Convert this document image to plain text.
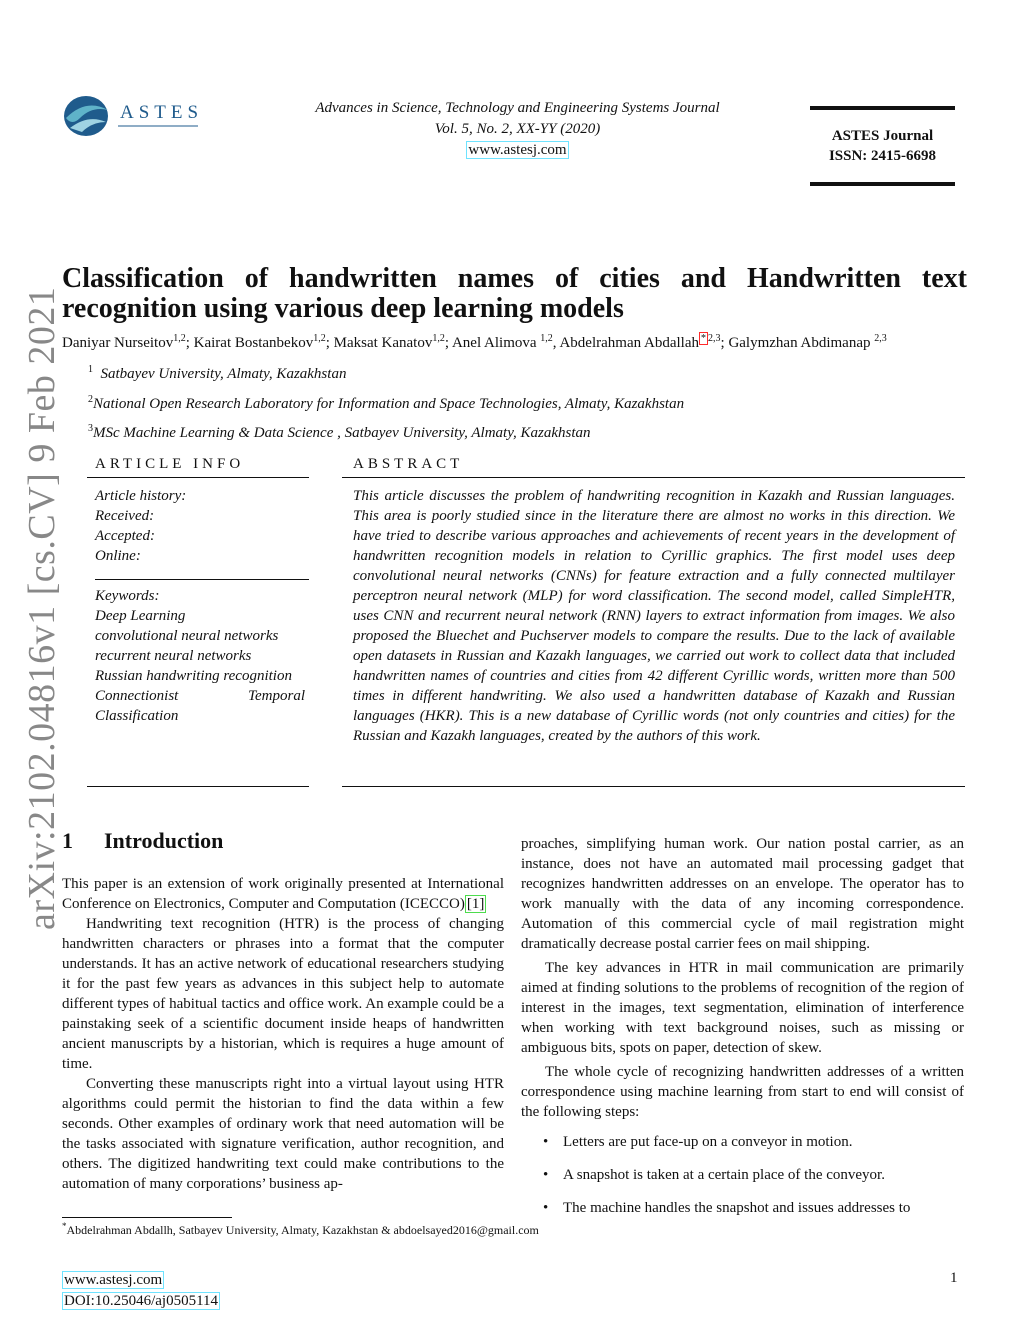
ASTES	Advances in Science, Technology and Engineering Systems Journal
Vol. 5, No. 2, XX-YY (2020)
www.astesj.com
ASTES Journal
ISSN: 2415-6698
arXiv:2102.04816v1 [cs.CV] 9 Feb 2021
Classification of handwritten names of cities and Handwritten text recognition using various deep learning models
Daniyar Nurseitov$^{1,2}$; Kairat Bostanbekov$^{1,2}$; Maksat Kanatov$^{1,2}$; Anel Alimova $^{1,2}$, Abdelrahman Abdallah $^{* 2,3}$; Galymzhan Abdimanap $^{2,3}$
$^1$ Satbayev University, Almaty, Kazakhstan
$^2$National Open Research Laboratory for Information and Space Technologies, Almaty, Kazakhstan
$^3$MSc Machine Learning & Data Science , Satbayev University, Almaty, Kazakhstan
ARTICLE INFO	ABSTRACT
Article history:
Received:
Accepted:
Online:
Keywords:
Deep Learning
convolutional neural networks
recurrent neural networks
Russian handwriting recognition
Connectionist Temporal Classification
This article discusses the problem of handwriting recognition in Kazakh and Russian languages. This area is poorly studied since in the literature there are almost no works in this direction. We have tried to describe various approaches and achievements of recent years in the development of handwritten recognition models in relation to Cyrillic graphics. The first model uses deep convolutional neural networks (CNNs) for feature extraction and a fully connected multilayer perceptron neural network (MLP) for word classification. The second model, called SimpleHTR, uses CNN and recurrent neural network (RNN) layers to extract information from images. We also proposed the Bluechet and Puchserver models to compare the results. Due to the lack of available open datasets in Russian and Kazakh languages, we carried out work to collect data that included handwritten names of countries and cities from 42 different Cyrillic words, written more than 500 times in different handwriting. We also used a handwritten database of Kazakh and Russian languages (HKR). This is a new database of Cyrillic words (not only countries and cities) for the Russian and Kazakh languages, created by the authors of this work.
1 Introduction

This paper is an extension of work originally presented at International Conference on Electronics, Computer and Computation (ICECCO) [1]

Handwriting text recognition (HTR) is the process of changing handwritten characters or phrases into a format that the computer understands. It has an active network of educational researchers studying it for the past few years as advances in this subject help to automate different types of habitual tactics and office work. An example could be a painstaking seek of a scientific document inside heaps of handwritten ancient manuscripts by a historian, which is requires a huge amount of time.

Converting these manuscripts right into a virtual layout using HTR algorithms could permit the historian to find the data within a few seconds. Other examples of ordinary work that need automation will be the tasks associated with signature verification, author recognition, and others. The digitized handwriting text could make contributions to the automation of many corporations’ business ap-

proaches, simplifying human work. Our nation postal carrier, as an instance, does not have an automated mail processing gadget that recognizes handwritten addresses on an envelope. The operator has to work manually with the data of any incoming correspondence. Automation of this commercial cycle of mail registration might dramatically decrease postal carrier fees on mail shipping.

The key advances in HTR in mail communication are primarily aimed at finding solutions to the problems of recognition of the region of interest in the images, text segmentation, elimination of interference when working with text background noises, such as missing or ambiguous bits, spots on paper, detection of skew.

The whole cycle of recognizing handwritten addresses of a written correspondence using machine learning from start to end will consist of the following steps:

• Letters are put face-up on a conveyor in motion.
• A snapshot is taken at a certain place of the conveyor.
• The machine handles the snapshot and issues addresses to
*Abdelrahman Abdallh, Satbayev University, Almaty, Kazakhstan & abdoelsayed2016@gmail.com
www.astesj.com
DOI:10.25046/aj0505114
1
